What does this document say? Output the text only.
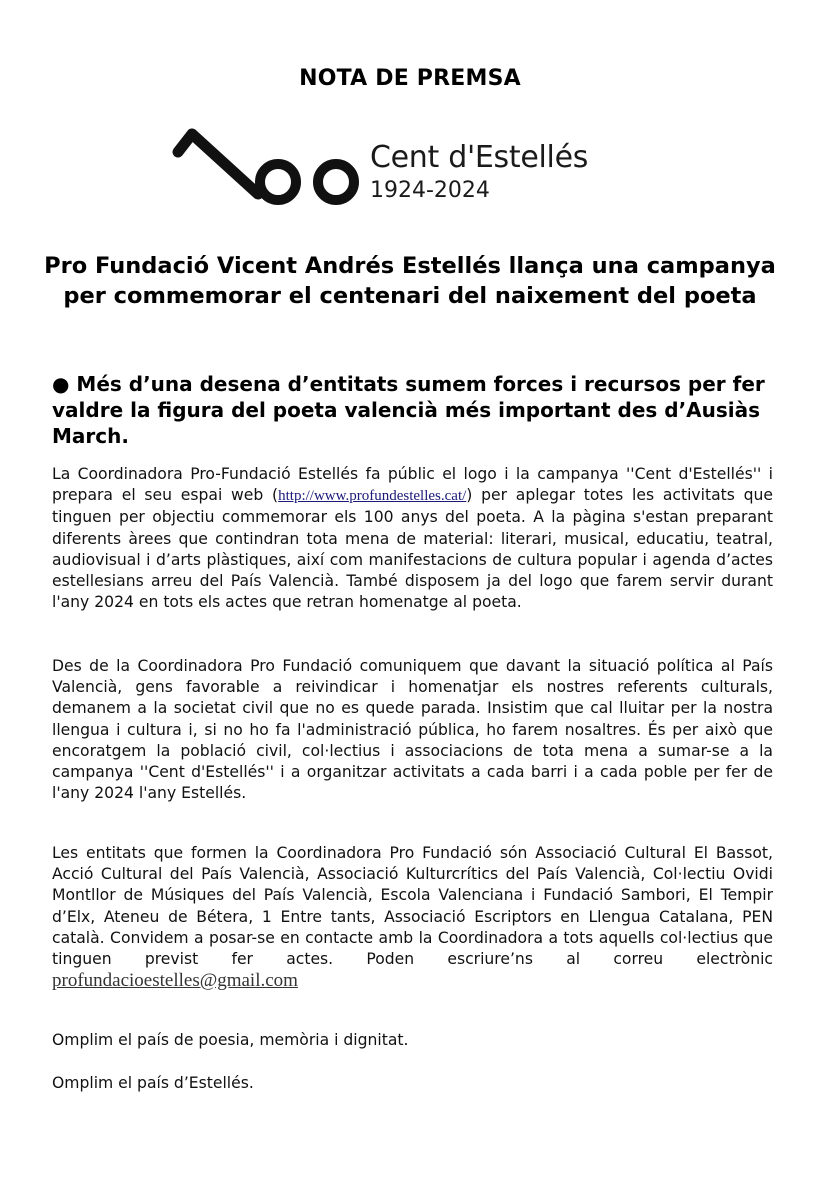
NOTA DE PREMSA
Cent d'Estellés
1924-2024
Pro Fundació Vicent Andrés Estellés llança una campanya per commemorar el centenari del naixement del poeta

● Més d’una desena d’entitats sumem forces i recursos per fer valdre la figura del poeta valencià més important des d’Ausiàs March.

La Coordinadora Pro-Fundació Estellés fa públic el logo i la campanya ''Cent d'Estellés'' i prepara el seu espai web (http://www.profundestelles.cat/) per aplegar totes les activitats que tinguen per objectiu commemorar els 100 anys del poeta. A la pàgina s'estan preparant diferents àrees que contindran tota mena de material: literari, musical, educatiu, teatral, audiovisual i d’arts plàstiques, així com manifestacions de cultura popular i agenda d’actes estellesians arreu del País Valencià. També disposem ja del logo que farem servir durant l'any 2024 en tots els actes que retran homenatge al poeta.

Des de la Coordinadora Pro Fundació comuniquem que davant la situació política al País Valencià, gens favorable a reivindicar i homenatjar els nostres referents culturals, demanem a la societat civil que no es quede parada. Insistim que cal lluitar per la nostra llengua i cultura i, si no ho fa l'administració pública, ho farem nosaltres. És per això que encoratgem la població civil, col·lectius i associacions de tota mena a sumar-se a la campanya ''Cent d'Estellés'' i a organitzar activitats a cada barri i a cada poble per fer de l'any 2024 l'any Estellés.

Les entitats que formen la Coordinadora Pro Fundació són Associació Cultural El Bassot, Acció Cultural del País Valencià, Associació Kulturcrítics del País Valencià, Col·lectiu Ovidi Montllor de Músiques del País Valencià, Escola Valenciana i Fundació Sambori, El Tempir d’Elx, Ateneu de Bétera, 1 Entre tants, Associació Escriptors en Llengua Catalana, PEN català. Convidem a posar-se en contacte amb la Coordinadora a tots aquells col·lectius que tinguen previst fer actes. Poden escriure’ns al correu electrònic profundacioestelles@gmail.com

Omplim el país de poesia, memòria i dignitat.

Omplim el país d’Estellés.
